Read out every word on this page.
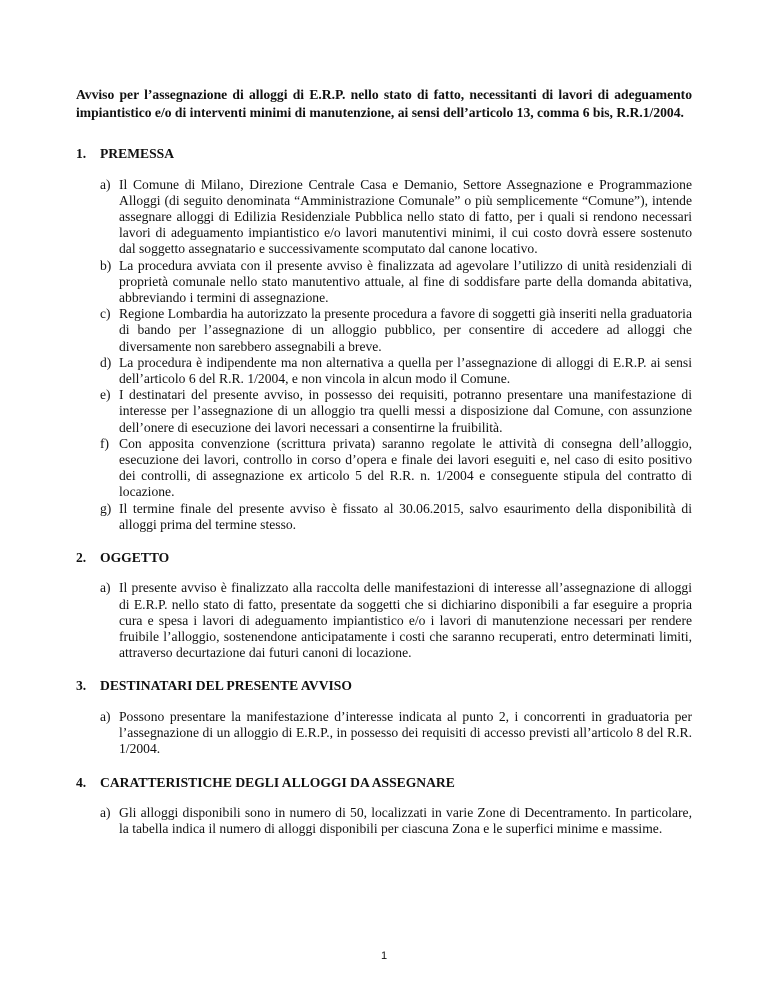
Avviso per l’assegnazione di alloggi di E.R.P. nello stato di fatto, necessitanti di lavori di adeguamento impiantistico e/o di interventi minimi di manutenzione, ai sensi dell’articolo 13, comma 6 bis, R.R.1/2004.
1.	PREMESSA
a) Il Comune di Milano, Direzione Centrale Casa e Demanio, Settore Assegnazione e Programmazione Alloggi (di seguito denominata “Amministrazione Comunale” o più semplicemente “Comune”), intende assegnare alloggi di Edilizia Residenziale Pubblica nello stato di fatto, per i quali si rendono necessari lavori di adeguamento impiantistico e/o lavori manutentivi minimi, il cui costo dovrà essere sostenuto dal soggetto assegnatario e successivamente scomputato dal canone locativo.
b) La procedura avviata con il presente avviso è finalizzata ad agevolare l’utilizzo di unità residenziali di proprietà comunale nello stato manutentivo attuale, al fine di soddisfare parte della domanda abitativa, abbreviando i termini di assegnazione.
c) Regione Lombardia ha autorizzato la presente procedura a favore di soggetti già inseriti nella graduatoria di bando per l’assegnazione di un alloggio pubblico, per consentire di accedere ad alloggi che diversamente non sarebbero assegnabili a breve.
d) La procedura è indipendente ma non alternativa a quella per l’assegnazione di alloggi di E.R.P. ai sensi dell’articolo 6 del R.R. 1/2004, e non vincola in alcun modo il Comune.
e) I destinatari del presente avviso, in possesso dei requisiti, potranno presentare una manifestazione di interesse per l’assegnazione di un alloggio tra quelli messi a disposizione dal Comune, con assunzione dell’onere di esecuzione dei lavori necessari a consentirne la fruibilità.
f) Con apposita convenzione (scrittura privata) saranno regolate le attività di consegna dell’alloggio, esecuzione dei lavori, controllo in corso d’opera e finale dei lavori eseguiti e, nel caso di esito positivo dei controlli, di assegnazione ex articolo 5 del R.R. n. 1/2004 e conseguente stipula del contratto di locazione.
g) Il termine finale del presente avviso è fissato al 30.06.2015, salvo esaurimento della disponibilità di alloggi prima del termine stesso.
2.	OGGETTO
a) Il presente avviso è finalizzato alla raccolta delle manifestazioni di interesse all’assegnazione di alloggi di E.R.P. nello stato di fatto, presentate da soggetti che si dichiarino disponibili a far eseguire a propria cura e spesa i lavori di adeguamento impiantistico e/o i lavori di manutenzione necessari per rendere fruibile l’alloggio, sostenendone anticipatamente i costi che saranno recuperati, entro determinati limiti, attraverso decurtazione dai futuri canoni di locazione.
3.	DESTINATARI DEL PRESENTE AVVISO
a) Possono presentare la manifestazione d’interesse indicata al punto 2, i concorrenti in graduatoria per l’assegnazione di un alloggio di E.R.P., in possesso dei requisiti di accesso previsti all’articolo 8 del R.R. 1/2004.
4.	CARATTERISTICHE DEGLI ALLOGGI DA ASSEGNARE
a) Gli alloggi disponibili sono in numero di 50, localizzati in varie Zone di Decentramento. In particolare, la tabella indica il numero di alloggi disponibili per ciascuna Zona e le superfici minime e massime.
1
